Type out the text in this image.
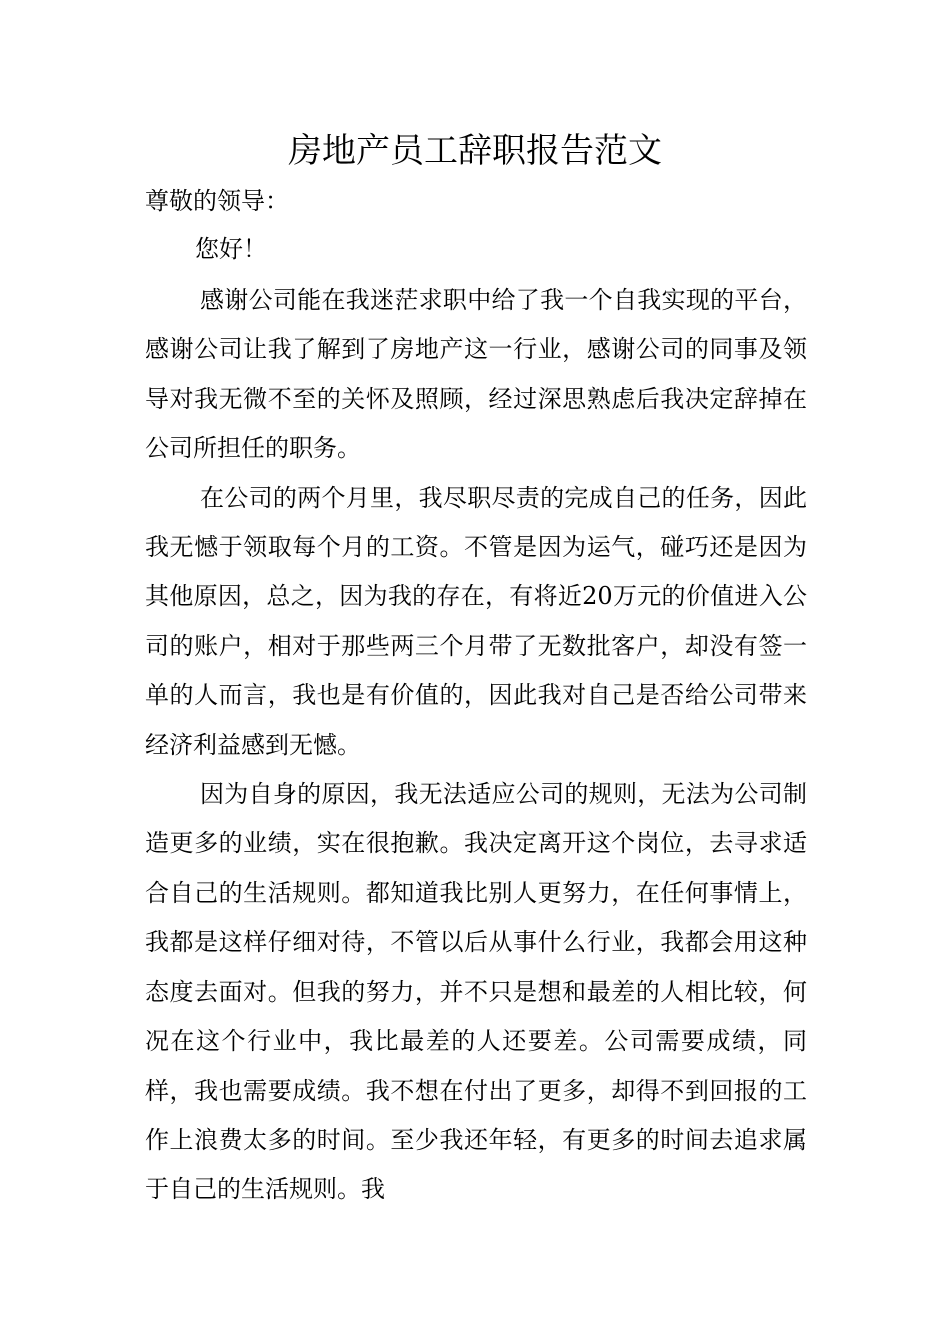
房地产员工辞职报告范文

尊敬的领导：

您好！

感谢公司能在我迷茫求职中给了我一个自我实现的平台，感谢公司让我了解到了房地产这一行业，感谢公司的同事及领导对我无微不至的关怀及照顾，经过深思熟虑后我决定辞掉在公司所担任的职务。

在公司的两个月里，我尽职尽责的完成自己的任务，因此我无憾于领取每个月的工资。不管是因为运气，碰巧还是因为其他原因，总之，因为我的存在，有将近20万元的价值进入公司的账户，相对于那些两三个月带了无数批客户，却没有签一单的人而言，我也是有价值的，因此我对自己是否给公司带来经济利益感到无憾。

因为自身的原因，我无法适应公司的规则，无法为公司制造更多的业绩，实在很抱歉。我决定离开这个岗位，去寻求适合自己的生活规则。都知道我比别人更努力，在任何事情上，我都是这样仔细对待，不管以后从事什么行业，我都会用这种态度去面对。但我的努力，并不只是想和最差的人相比较，何况在这个行业中，我比最差的人还要差。公司需要成绩，同样，我也需要成绩。我不想在付出了更多，却得不到回报的工作上浪费太多的时间。至少我还年轻，有更多的时间去追求属于自己的生活规则。我
